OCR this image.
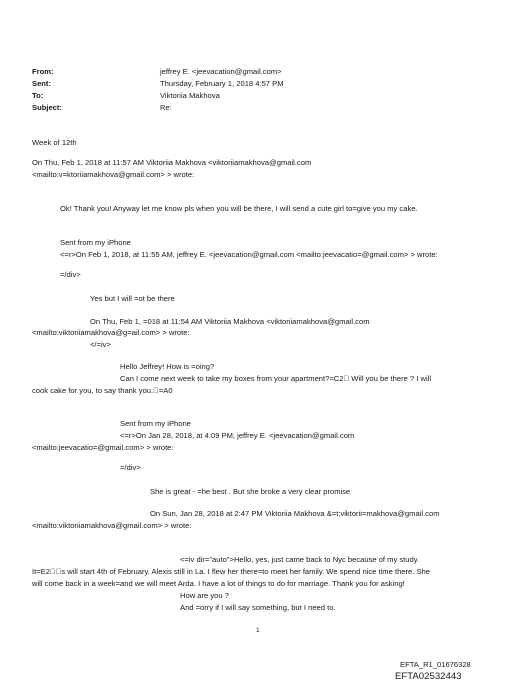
From:	jeffrey E. <jeevacation@gmail.com>
Sent:	Thursday, February 1, 2018 4:57 PM
To:	Viktoriia Makhova
Subject:	Re:
Week of 12th
On Thu, Feb 1, 2018 at 11:57 AM Viktoriia Makhova <viktoriiamakhova@gmail.com
<mailto:v=ktoriiamakhova@gmail.com> > wrote:
Ok! Thank you! Anyway let me know pls when you will be there, I will send a cute girl to=give you my cake.
Sent from my iPhone
<=r>On Feb 1, 2018, at 11:55 AM, jeffrey E. <jeevacation@gmail.com <mailto:jeevacatio=@gmail.com> > wrote:
=/div>
Yes but I will =ot be there
On Thu, Feb 1, =018 at 11:54 AM Viktoriia Makhova <viktoriiamakhova@gmail.com
<mailto:viktoriiamakhova@g=ail.com> > wrote:
</=iv>
Hello Jeffrey! How is =oing?
Can I come next week to take my boxes from your apartment?=C2  Will you be there ? I will
cook cake for you, to say thank you. =A0
Sent from my iPhone
<=r>On Jan 28, 2018, at 4:09 PM, jeffrey E. <jeevacation@gmail.com
<mailto:jeevacatio=@gmail.com> > wrote:
=/div>
She is great - =he best . But she broke a very clear promise
On Sun, Jan 28, 2018 at 2:47 PM Viktoriia Makhova &=t;viktorii=makhova@gmail.com
<mailto:viktoriiamakhova@gmail.com> > wrote:
<=iv dir="auto">Hello, yes, just came back to Nyc because of my study.
It=E2  s will start 4th of February. Alexis still in La. I flew her there=to meet her family. We spend nice time there. She
will come back in a week=and we will meet Arda. I have a lot of things to do for marriage. Thank you for asking!
How are you ?
And =orry if I will say something, but I need to.
1
EFTA_R1_01676328
EFTA02532443
